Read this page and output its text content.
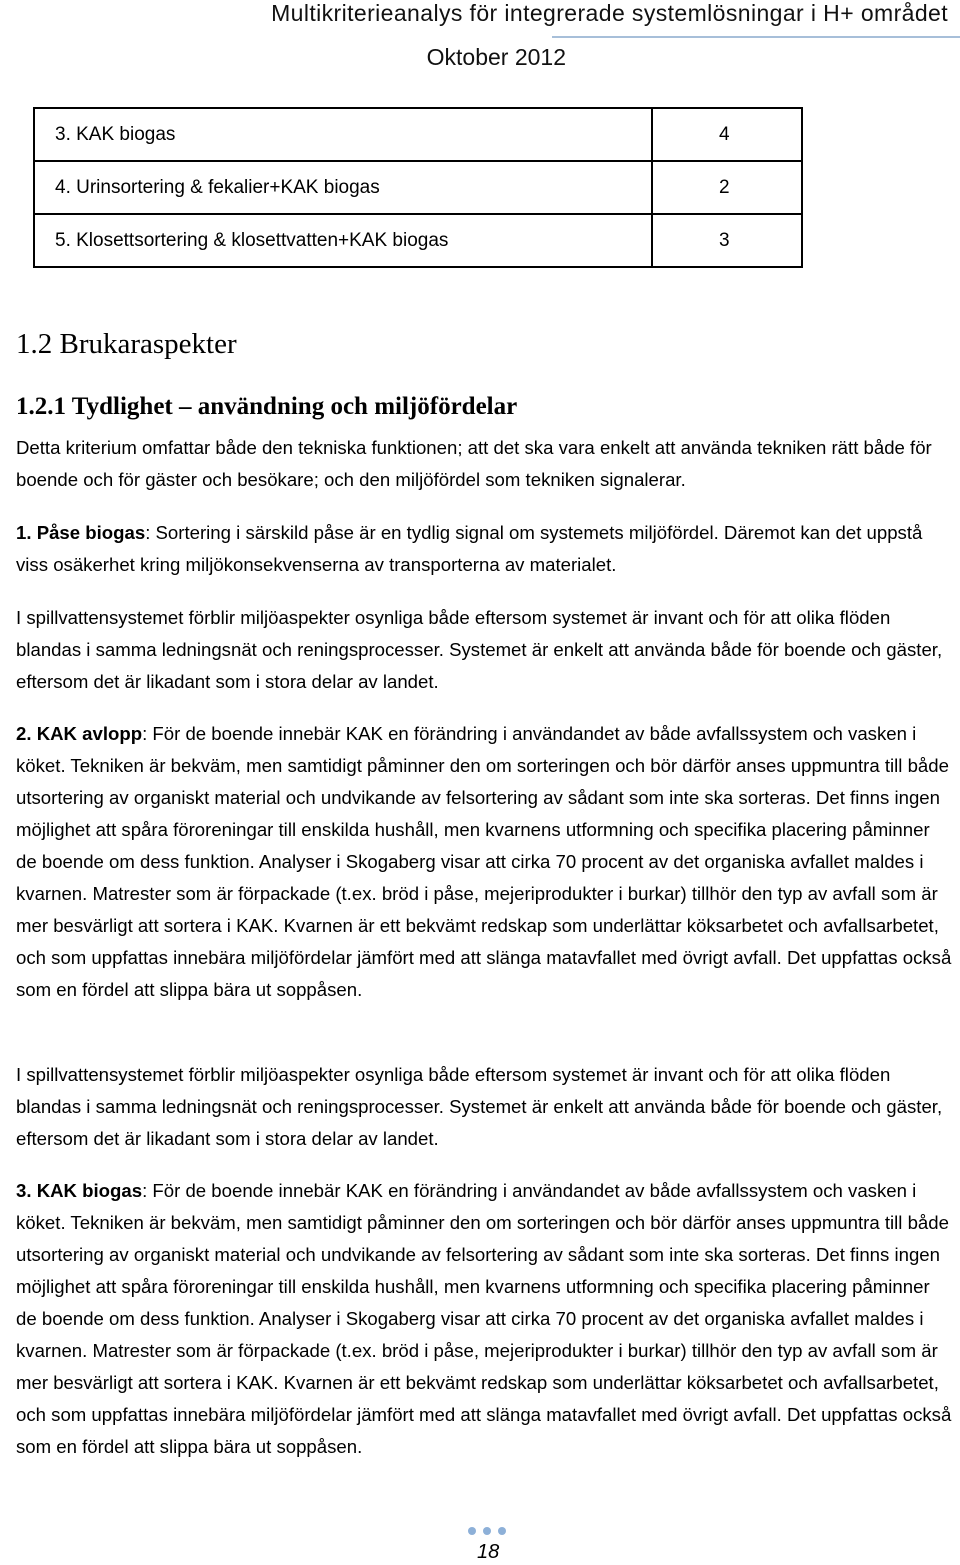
Multikriterieanalys för integrerade systemlösningar i H+ området
Oktober 2012
3. KAK biogas	4
4. Urinsortering & fekalier+KAK biogas	2
5. Klosettsortering & klosettvatten+KAK biogas	3
1.2 Brukaraspekter
1.2.1 Tydlighet – användning och miljöfördelar

Detta kriterium omfattar både den tekniska funktionen; att det ska vara enkelt att använda tekniken rätt både för boende och för gäster och besökare; och den miljöfördel som tekniken signalerar.

1. Påse biogas: Sortering i särskild påse är en tydlig signal om systemets miljöfördel. Däremot kan det uppstå viss osäkerhet kring miljökonsekvenserna av transporterna av materialet.

I spillvattensystemet förblir miljöaspekter osynliga både eftersom systemet är invant och för att olika flöden blandas i samma ledningsnät och reningsprocesser. Systemet är enkelt att använda både för boende och gäster, eftersom det är likadant som i stora delar av landet.

2. KAK avlopp: För de boende innebär KAK en förändring i användandet av både avfallssystem och vasken i köket. Tekniken är bekväm, men samtidigt påminner den om sorteringen och bör därför anses uppmuntra till både utsortering av organiskt material och undvikande av felsortering av sådant som inte ska sorteras. Det finns ingen möjlighet att spåra föroreningar till enskilda hushåll, men kvarnens utformning och specifika placering påminner de boende om dess funktion. Analyser i Skogaberg visar att cirka 70 procent av det organiska avfallet maldes i kvarnen. Matrester som är förpackade (t.ex. bröd i påse, mejeriprodukter i burkar) tillhör den typ av avfall som är mer besvärligt att sortera i KAK. Kvarnen är ett bekvämt redskap som underlättar köksarbetet och avfallsarbetet, och som uppfattas innebära miljöfördelar jämfört med att slänga matavfallet med övrigt avfall. Det uppfattas också som en fördel att slippa bära ut soppåsen.

I spillvattensystemet förblir miljöaspekter osynliga både eftersom systemet är invant och för att olika flöden blandas i samma ledningsnät och reningsprocesser. Systemet är enkelt att använda både för boende och gäster, eftersom det är likadant som i stora delar av landet.

3. KAK biogas: För de boende innebär KAK en förändring i användandet av både avfallssystem och vasken i köket. Tekniken är bekväm, men samtidigt påminner den om sorteringen och bör därför anses uppmuntra till både utsortering av organiskt material och undvikande av felsortering av sådant som inte ska sorteras. Det finns ingen möjlighet att spåra föroreningar till enskilda hushåll, men kvarnens utformning och specifika placering påminner de boende om dess funktion. Analyser i Skogaberg visar att cirka 70 procent av det organiska avfallet maldes i kvarnen. Matrester som är förpackade (t.ex. bröd i påse, mejeriprodukter i burkar) tillhör den typ av avfall som är mer besvärligt att sortera i KAK. Kvarnen är ett bekvämt redskap som underlättar köksarbetet och avfallsarbetet, och som uppfattas innebära miljöfördelar jämfört med att slänga matavfallet med övrigt avfall. Det uppfattas också som en fördel att slippa bära ut soppåsen.

18
